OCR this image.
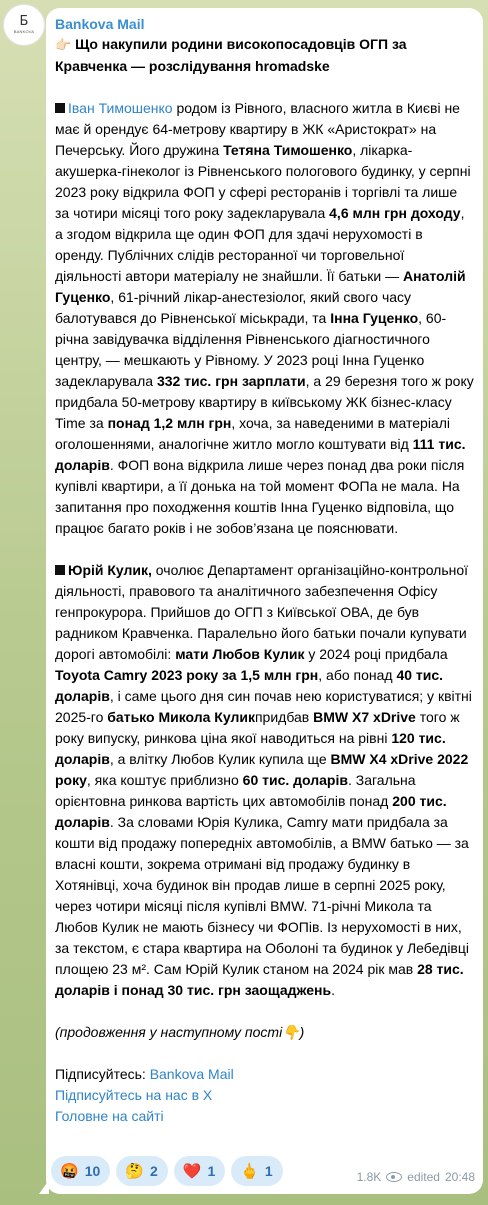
Б
BANKOVA Bankova Mail

👉🏻 Що накупили родини високопосадовців ОГП за Кравченка — розслідування hromadske

Іван Тимошенко родом із Рівного, власного житла в Києві не має й орендує 64-метрову квартиру в ЖК «Аристократ» на Печерську. Його дружина Тетяна Тимошенко, лікарка-акушерка-гінеколог із Рівненського пологового будинку, у серпні 2023 року відкрила ФОП у сфері ресторанів і торгівлі та лише за чотири місяці того року задекларувала 4,6 млн грн доходу, а згодом відкрила ще один ФОП для здачі нерухомості в оренду. Публічних слідів ресторанної чи торговельної діяльності автори матеріалу не знайшли. Її батьки — Анатолій Гуценко, 61-річний лікар-анестезіолог, який свого часу балотувався до Рівненської міськради, та Інна Гуценко, 60-річна завідувачка відділення Рівненського діагностичного центру, — мешкають у Рівному. У 2023 році Інна Гуценко задекларувала 332 тис. грн зарплати, а 29 березня того ж року придбала 50-метрову квартиру в київському ЖК бізнес-класу Time за понад 1,2 млн грн, хоча, за наведеними в матеріалі оголошеннями, аналогічне житло могло коштувати від 111 тис. доларів. ФОП вона відкрила лише через понад два роки після купівлі квартири, а її донька на той момент ФОПа не мала. На запитання про походження коштів Інна Гуценко відповіла, що працює багато років і не зобов’язана це пояснювати.

Юрій Кулик, очолює Департамент організаційно-контрольної діяльності, правового та аналітичного забезпечення Офісу генпрокурора. Прийшов до ОГП з Київської ОВА, де був радником Кравченка. Паралельно його батьки почали купувати дорогі автомобілі: мати Любов Кулик у 2024 році придбала Toyota Camry 2023 року за 1,5 млн грн, або понад 40 тис. доларів, і саме цього дня син почав нею користуватися; у квітні 2025-го батько Микола Куликпридбав BMW X7 xDrive того ж року випуску, ринкова ціна якої наводиться на рівні 120 тис. доларів, а влітку Любов Кулик купила ще BMW X4 xDrive 2022 року, яка коштує приблизно 60 тис. доларів. Загальна орієнтовна ринкова вартість цих автомобілів понад 200 тис. доларів. За словами Юрія Кулика, Camry мати придбала за кошти від продажу попередніх автомобілів, а BMW батько — за власні кошти, зокрема отримані від продажу будинку в Хотянівці, хоча будинок він продав лише в серпні 2025 року, через чотири місяці після купівлі BMW. 71-річні Микола та Любов Кулик не мають бізнесу чи ФОПів. Із нерухомості в них, за текстом, є стара квартира на Оболоні та будинок у Лебедівці площею 23 м². Сам Юрій Кулик станом на 2024 рік мав 28 тис. доларів і понад 30 тис. грн заощаджень.

(продовження у наступному пості👇)

Підписуйтесь: Bankova Mail

Підписуйтесь на нас в Х

Головне на сайті

🤬 10 🤔 2 ❤️ 1 🖕 1	1.8K edited 20:48
